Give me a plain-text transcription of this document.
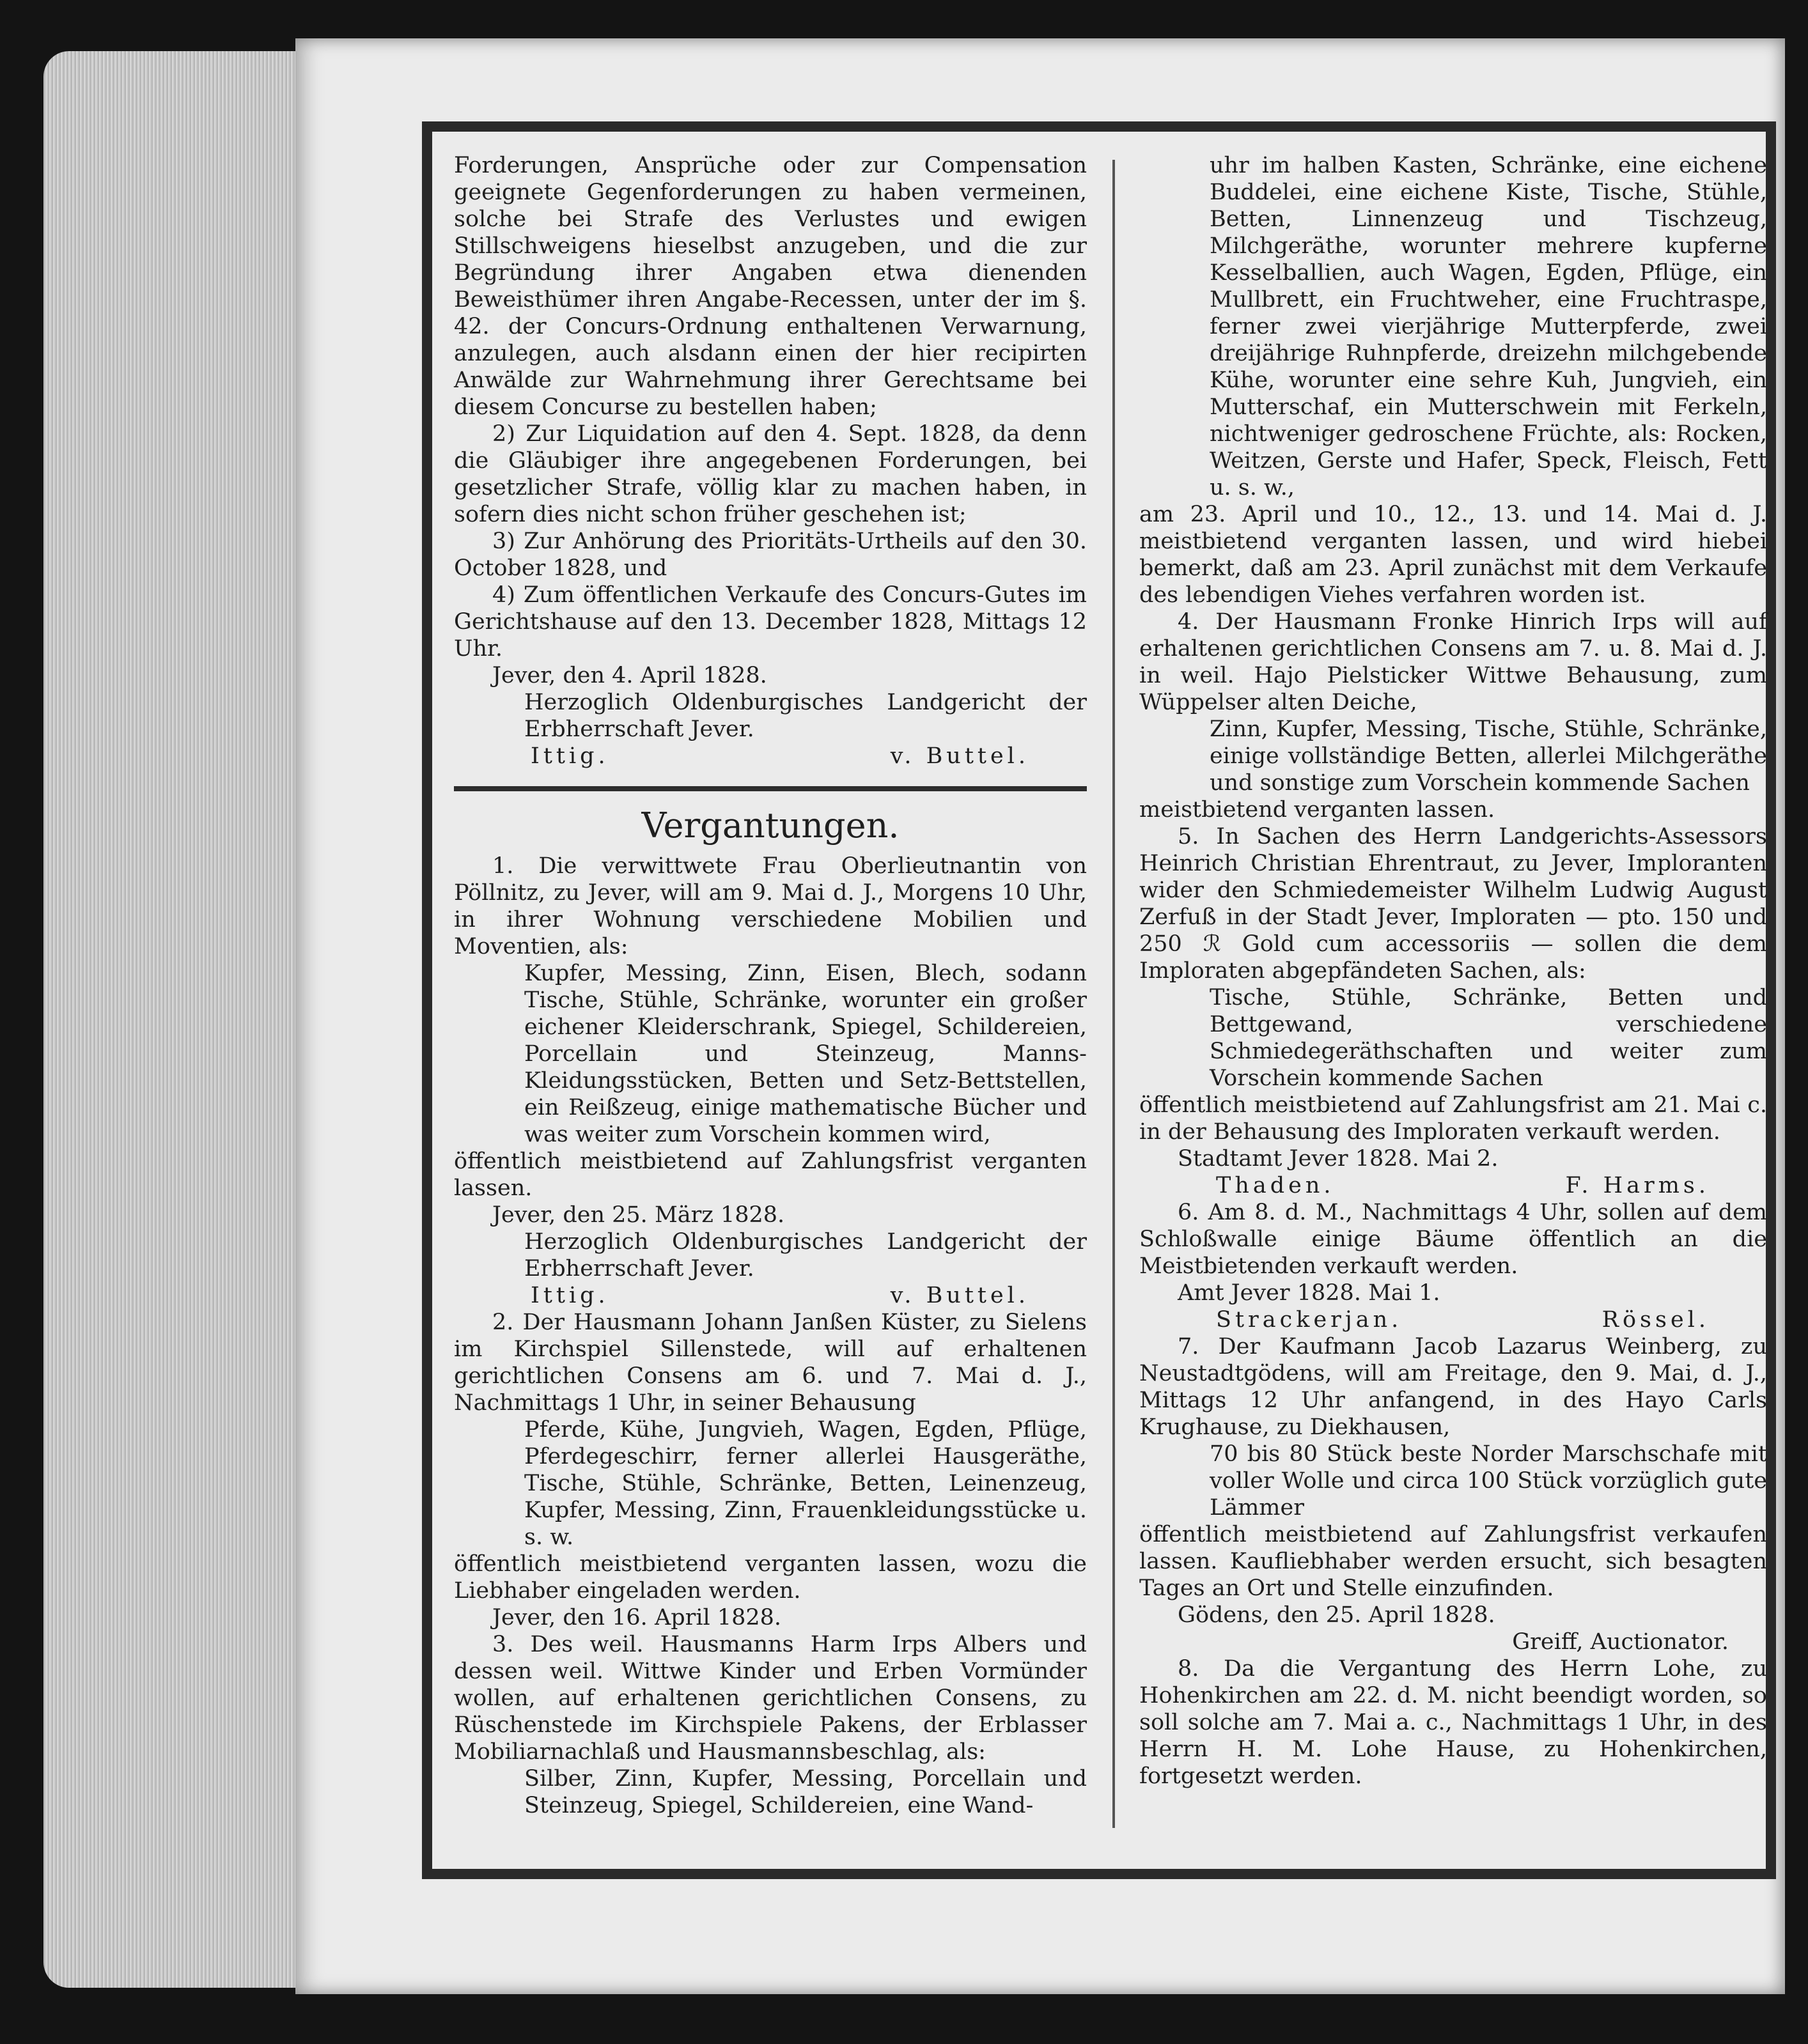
Forderungen, Ansprüche oder zur Compensation geeignete Gegenforderungen zu haben vermeinen, solche bei Strafe des Verlustes und ewigen Stillschweigens hieselbst anzugeben, und die zur Begründung ihrer Angaben etwa dienenden Beweisthümer ihren Angabe-Recessen, unter der im §. 42. der Concurs-Ordnung enthaltenen Verwarnung, anzulegen, auch alsdann einen der hier recipirten Anwälde zur Wahrnehmung ihrer Gerechtsame bei diesem Concurse zu bestellen haben;

2) Zur Liquidation auf den 4. Sept. 1828, da denn die Gläubiger ihre angegebenen Forderungen, bei gesetzlicher Strafe, völlig klar zu machen haben, in sofern dies nicht schon früher geschehen ist;

3) Zur Anhörung des Prioritäts-Urtheils auf den 30. October 1828, und

4) Zum öffentlichen Verkaufe des Concurs-Gutes im Gerichtshause auf den 13. December 1828, Mittags 12 Uhr.

Jever, den 4. April 1828.

Herzoglich Oldenburgisches Landgericht der Erbherrschaft Jever.

Ittig.	v. Buttel.
Vergantungen.

1. Die verwittwete Frau Oberlieutnantin von Pöllnitz, zu Jever, will am 9. Mai d. J., Morgens 10 Uhr, in ihrer Wohnung verschiedene Mobilien und Moventien, als:

Kupfer, Messing, Zinn, Eisen, Blech, sodann Tische, Stühle, Schränke, worunter ein großer eichener Kleiderschrank, Spiegel, Schildereien, Porcellain und Steinzeug, Manns-Kleidungsstücken, Betten und Setz-Bettstellen, ein Reißzeug, einige mathematische Bücher und was weiter zum Vorschein kommen wird,

öffentlich meistbietend auf Zahlungsfrist verganten lassen.

Jever, den 25. März 1828.

Herzoglich Oldenburgisches Landgericht der Erbherrschaft Jever.

Ittig.	v. Buttel.

2. Der Hausmann Johann Janßen Küster, zu Sielens im Kirchspiel Sillenstede, will auf erhaltenen gerichtlichen Consens am 6. und 7. Mai d. J., Nachmittags 1 Uhr, in seiner Behausung

Pferde, Kühe, Jungvieh, Wagen, Egden, Pflüge, Pferdegeschirr, ferner allerlei Hausgeräthe, Tische, Stühle, Schränke, Betten, Leinenzeug, Kupfer, Messing, Zinn, Frauenkleidungsstücke u. s. w.

öffentlich meistbietend verganten lassen, wozu die Liebhaber eingeladen werden.

Jever, den 16. April 1828.

3. Des weil. Hausmanns Harm Irps Albers und dessen weil. Wittwe Kinder und Erben Vormünder wollen, auf erhaltenen gerichtlichen Consens, zu Rüschenstede im Kirchspiele Pakens, der Erblasser Mobiliarnachlaß und Hausmannsbeschlag, als:

Silber, Zinn, Kupfer, Messing, Porcellain und Steinzeug, Spiegel, Schildereien, eine Wand-

uhr im halben Kasten, Schränke, eine eichene Buddelei, eine eichene Kiste, Tische, Stühle, Betten, Linnenzeug und Tischzeug, Milchgeräthe, worunter mehrere kupferne Kesselballien, auch Wagen, Egden, Pflüge, ein Mullbrett, ein Fruchtweher, eine Fruchtraspe, ferner zwei vierjährige Mutterpferde, zwei dreijährige Ruhnpferde, dreizehn milchgebende Kühe, worunter eine sehre Kuh, Jungvieh, ein Mutterschaf, ein Mutterschwein mit Ferkeln, nichtweniger gedroschene Früchte, als: Rocken, Weitzen, Gerste und Hafer, Speck, Fleisch, Fett u. s. w.,

am 23. April und 10., 12., 13. und 14. Mai d. J. meistbietend verganten lassen, und wird hiebei bemerkt, daß am 23. April zunächst mit dem Verkaufe des lebendigen Viehes verfahren worden ist.

4. Der Hausmann Fronke Hinrich Irps will auf erhaltenen gerichtlichen Consens am 7. u. 8. Mai d. J. in weil. Hajo Pielsticker Wittwe Behausung, zum Wüppelser alten Deiche,

Zinn, Kupfer, Messing, Tische, Stühle, Schränke, einige vollständige Betten, allerlei Milchgeräthe und sonstige zum Vorschein kommende Sachen

meistbietend verganten lassen.

5. In Sachen des Herrn Landgerichts-Assessors Heinrich Christian Ehrentraut, zu Jever, Imploranten wider den Schmiedemeister Wilhelm Ludwig August Zerfuß in der Stadt Jever, Imploraten — pto. 150 und 250 ℛ Gold cum accessoriis — sollen die dem Imploraten abgepfändeten Sachen, als:

Tische, Stühle, Schränke, Betten und Bettgewand, verschiedene Schmiedegeräthschaften und weiter zum Vorschein kommende Sachen

öffentlich meistbietend auf Zahlungsfrist am 21. Mai c. in der Behausung des Imploraten verkauft werden.

Stadtamt Jever 1828. Mai 2.

Thaden.	F. Harms.

6. Am 8. d. M., Nachmittags 4 Uhr, sollen auf dem Schloßwalle einige Bäume öffentlich an die Meistbietenden verkauft werden.

Amt Jever 1828. Mai 1.

Strackerjan.	Rössel.

7. Der Kaufmann Jacob Lazarus Weinberg, zu Neustadtgödens, will am Freitage, den 9. Mai, d. J., Mittags 12 Uhr anfangend, in des Hayo Carls Krughause, zu Diekhausen,

70 bis 80 Stück beste Norder Marschschafe mit voller Wolle und circa 100 Stück vorzüglich gute Lämmer

öffentlich meistbietend auf Zahlungsfrist verkaufen lassen. Kaufliebhaber werden ersucht, sich besagten Tages an Ort und Stelle einzufinden.

Gödens, den 25. April 1828.

Greiff, Auctionator.

8. Da die Vergantung des Herrn Lohe, zu Hohenkirchen am 22. d. M. nicht beendigt worden, so soll solche am 7. Mai a. c., Nachmittags 1 Uhr, in des Herrn H. M. Lohe Hause, zu Hohenkirchen, fortgesetzt werden.
